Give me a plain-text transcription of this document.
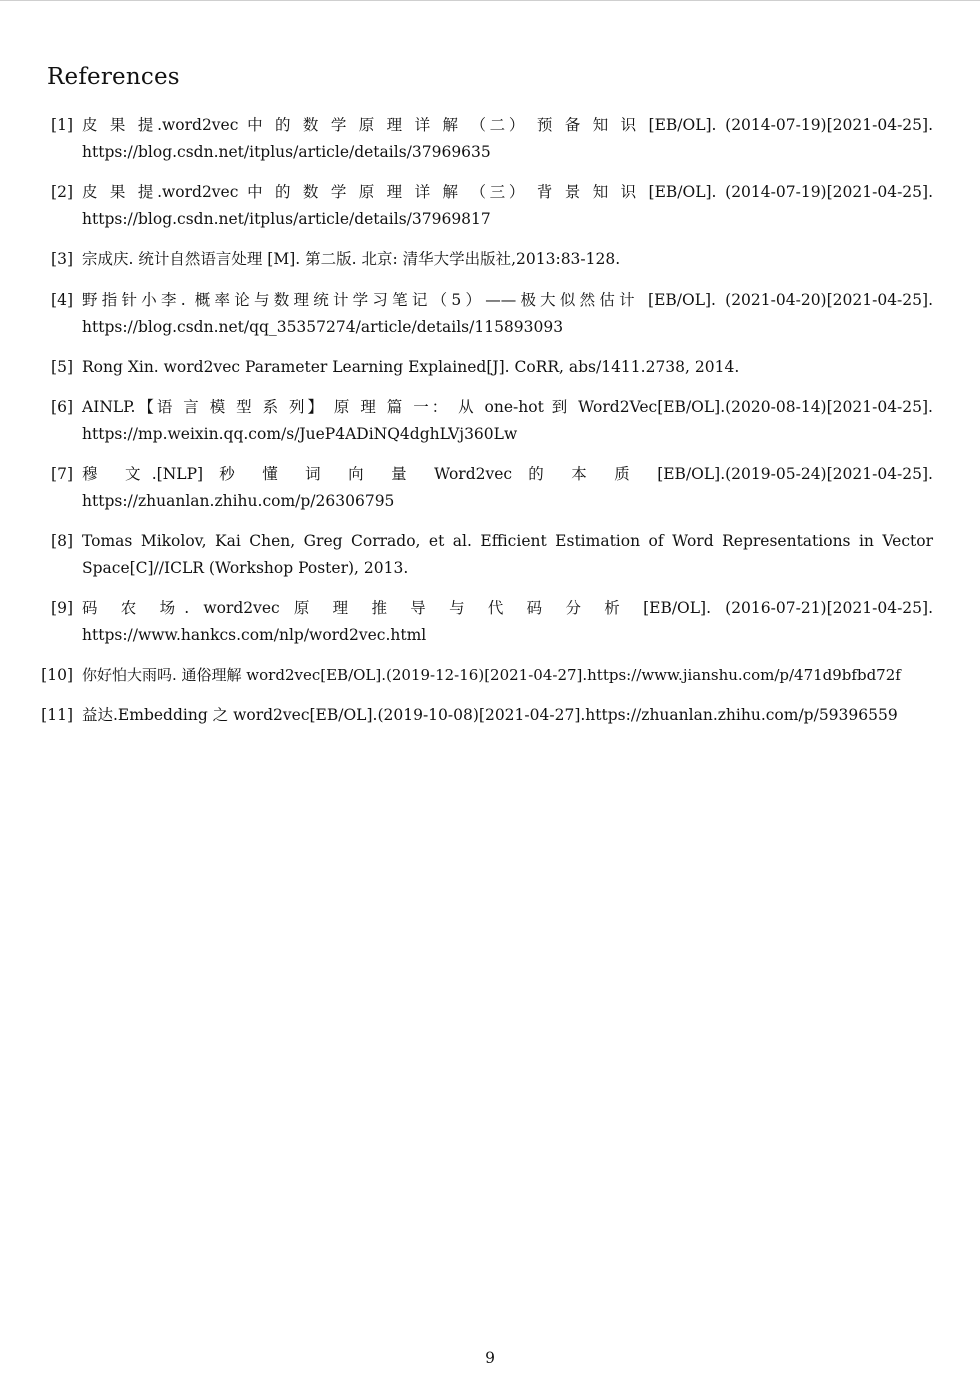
References
[1] 皮 果 提.word2vec 中 的 数 学 原 理 详 解 （二） 预 备 知 识 [EB/OL]. (2014-07-19)[2021-04-25].
https://blog.csdn.net/itplus/article/details/37969635
[2] 皮 果 提.word2vec 中 的 数 学 原 理 详 解 （三） 背 景 知 识 [EB/OL]. (2014-07-19)[2021-04-25].
https://blog.csdn.net/itplus/article/details/37969817
[3] 宗成庆. 统计自然语言处理 [M]. 第二版. 北京: 清华大学出版社,2013:83-128.
[4] 野指针小李. 概率论与数理统计学习笔记（5）——极大似然估计 [EB/OL]. (2021-04-20)[2021-04-25].
https://blog.csdn.net/qq_35357274/article/details/115893093
[5] Rong Xin. word2vec Parameter Learning Explained[J]. CoRR, abs/1411.2738, 2014.
[6] AINLP.【语 言 模 型 系 列】 原 理 篇 一： 从 one-hot 到 Word2Vec[EB/OL].(2020-08-14)[2021-04-25].
https://mp.weixin.qq.com/s/JueP4ADiNQ4dghLVj360Lw
[7] 穆 文.[NLP] 秒 懂 词 向 量 Word2vec 的 本 质 [EB/OL].(2019-05-24)[2021-04-25].
https://zhuanlan.zhihu.com/p/26306795
[8] Tomas Mikolov, Kai Chen, Greg Corrado, et al. Efficient Estimation of Word Representations in Vector
Space[C]//ICLR (Workshop Poster), 2013.
[9] 码 农 场. word2vec 原 理 推 导 与 代 码 分 析 [EB/OL]. (2016-07-21)[2021-04-25].
https://www.hankcs.com/nlp/word2vec.html
[10] 你好怕大雨吗. 通俗理解 word2vec[EB/OL].(2019-12-16)[2021-04-27].https://www.jianshu.com/p/471d9bfbd72f
[11] 益达.Embedding 之 word2vec[EB/OL].(2019-10-08)[2021-04-27].https://zhuanlan.zhihu.com/p/59396559
9
